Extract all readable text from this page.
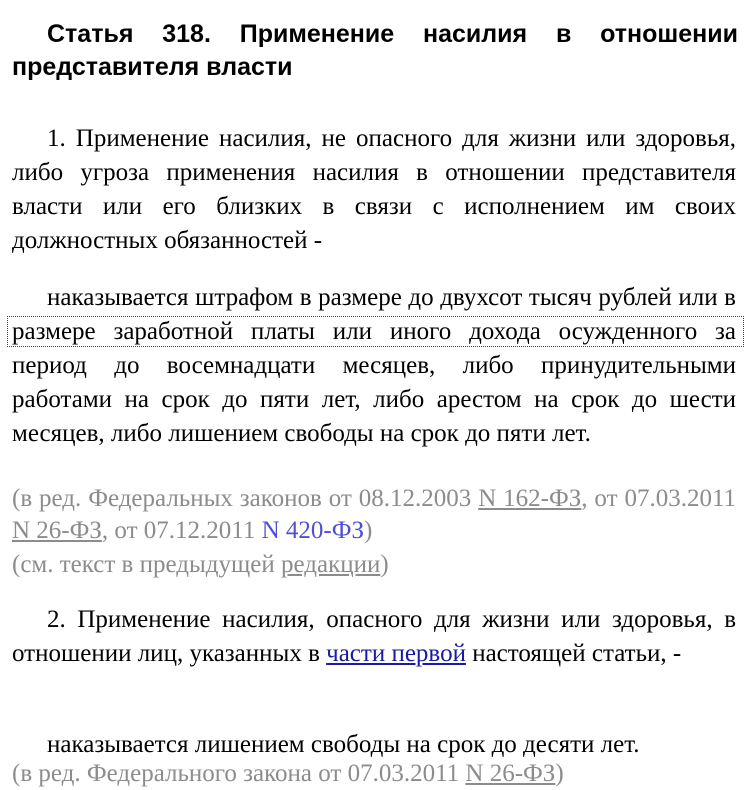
Статья 318. Применение насилия в отношении представителя власти

1. Применение насилия, не опасного для жизни или здоровья, либо угроза применения насилия в отношении представителя власти или его близких в связи с исполнением им своих должностных обязанностей -

наказывается штрафом в размере до двухсот тысяч рублей или в размере заработной платы или иного дохода осужденного за период до восемнадцати месяцев, либо принудительными работами на срок до пяти лет, либо арестом на срок до шести месяцев, либо лишением свободы на срок до пяти лет.

(в ред. Федеральных законов от 08.12.2003 N 162-ФЗ, от 07.03.2011 N 26-ФЗ, от 07.12.2011 N 420-ФЗ)

(см. текст в предыдущей редакции)

2. Применение насилия, опасного для жизни или здоровья, в отношении лиц, указанных в части первой настоящей статьи, -

наказывается лишением свободы на срок до десяти лет.

(в ред. Федерального закона от 07.03.2011 N 26-ФЗ)
